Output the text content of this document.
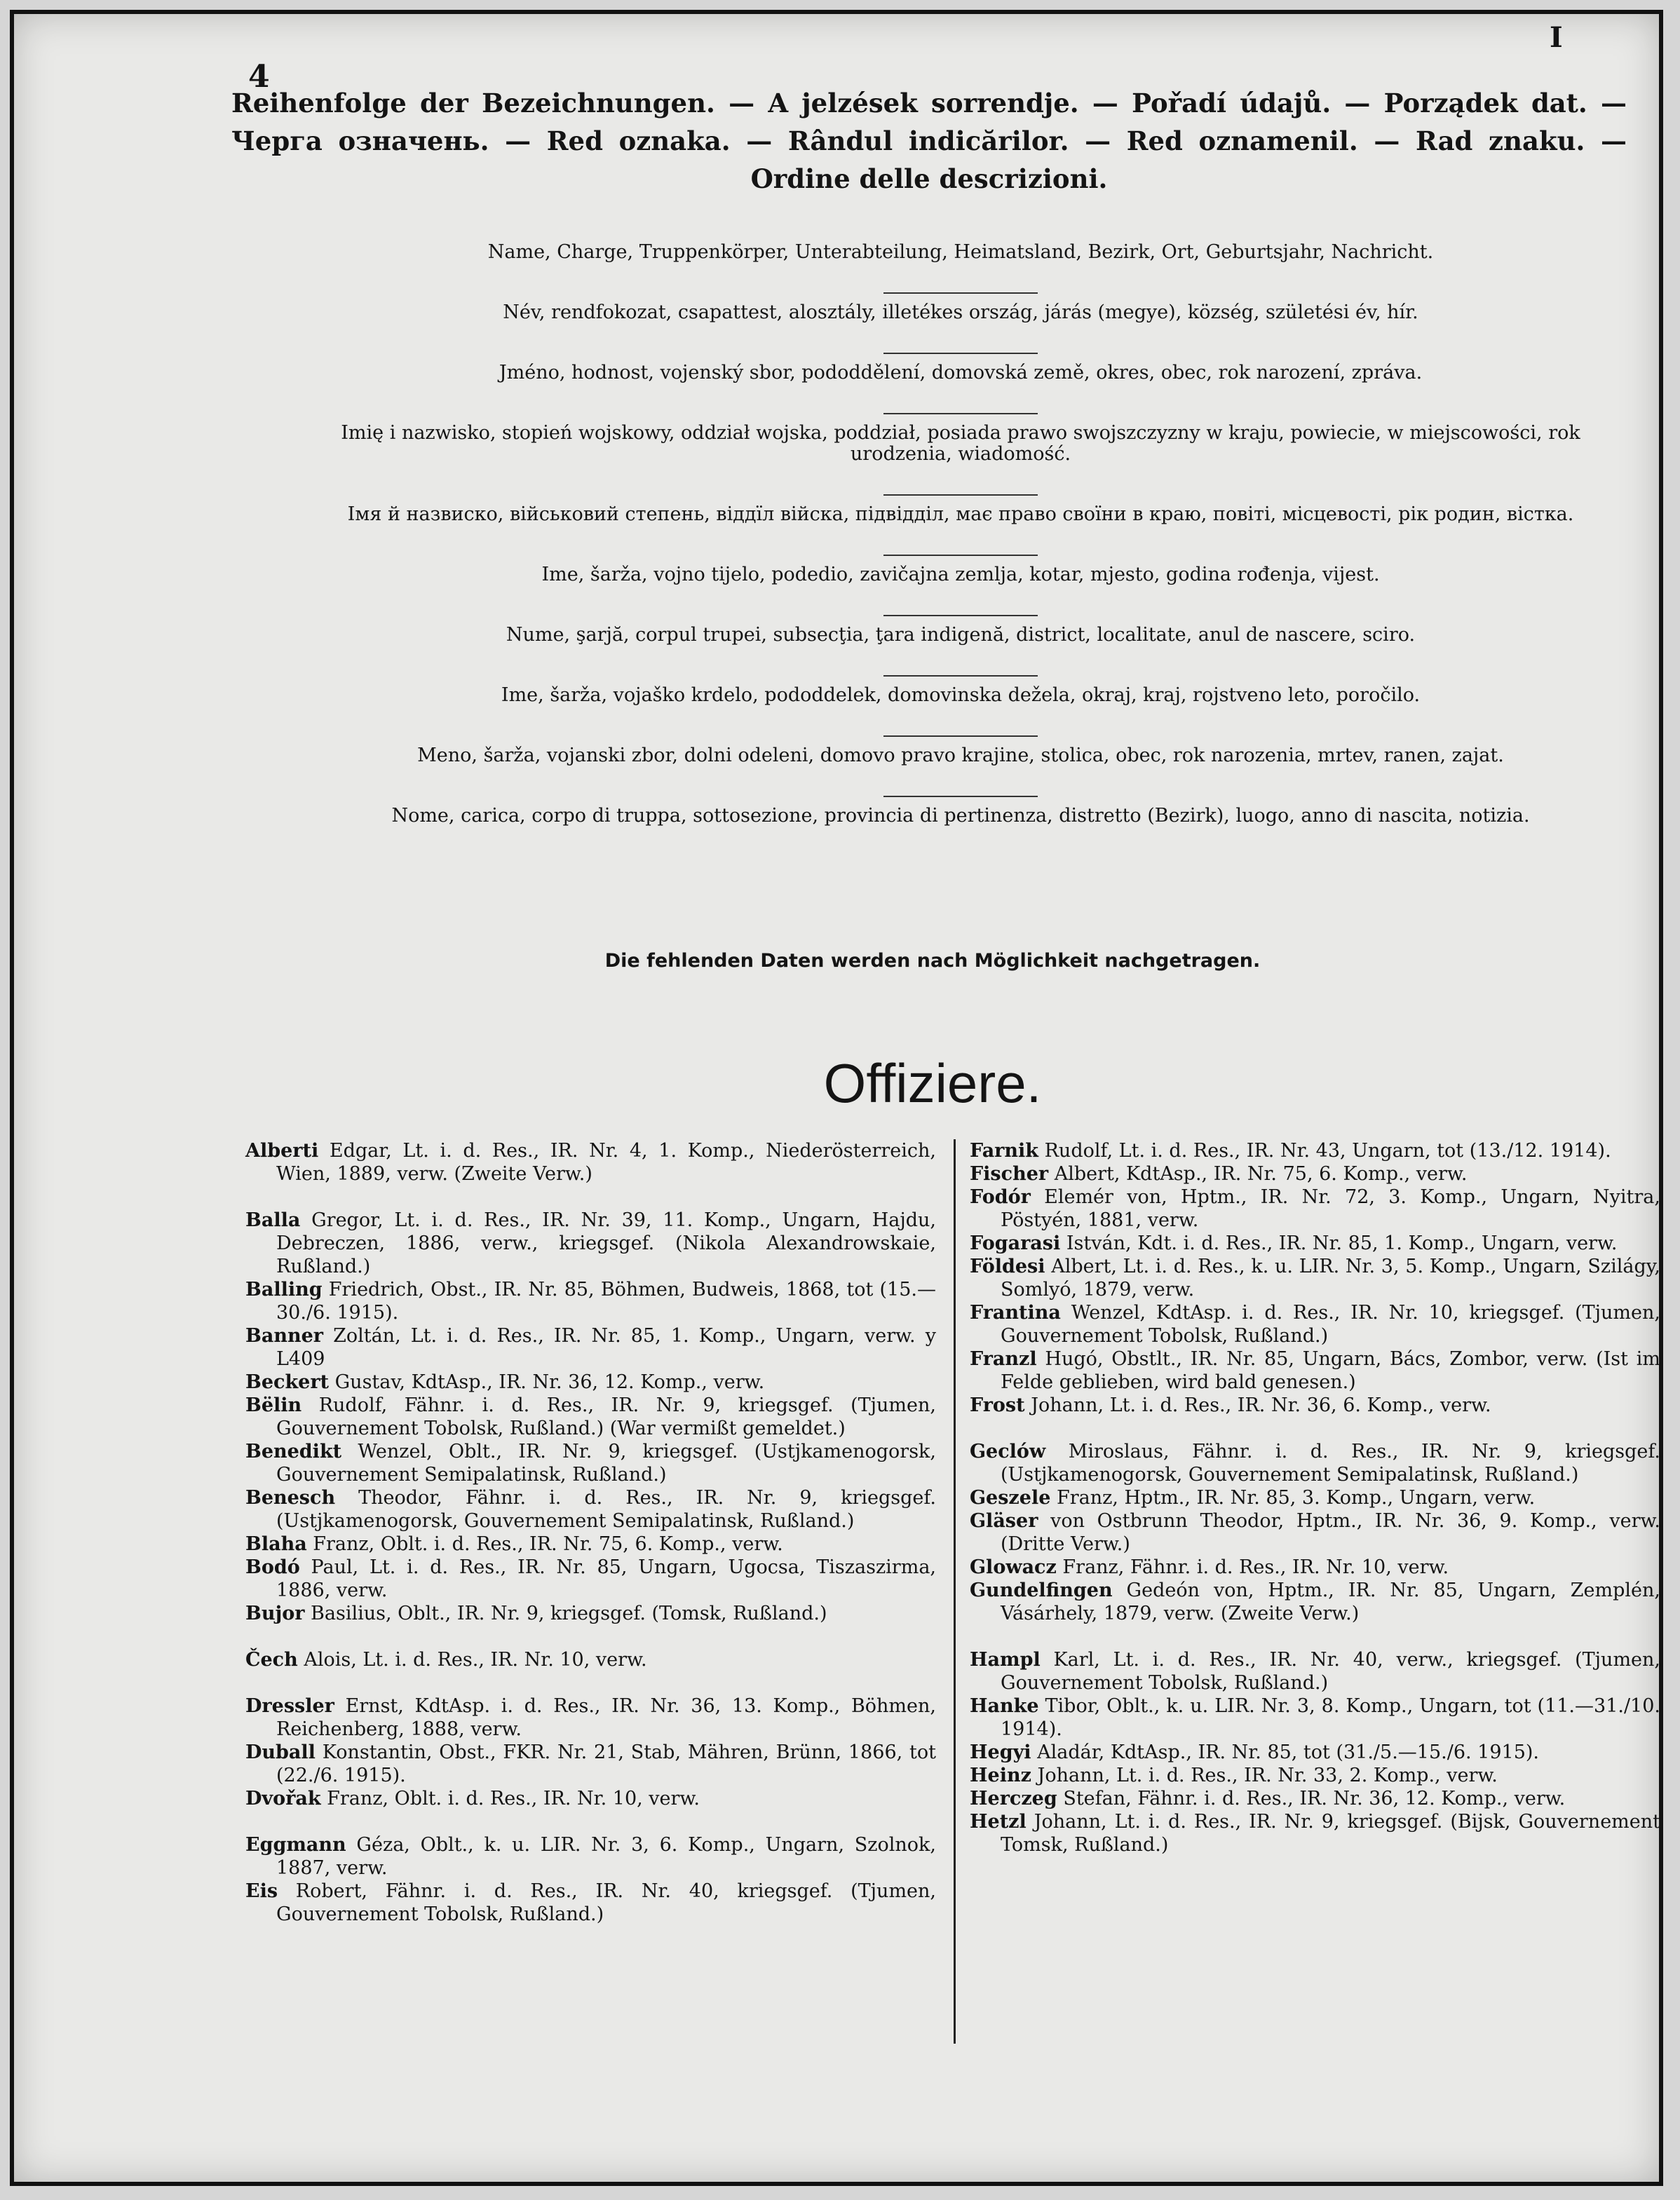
4
I
Reihenfolge der Bezeichnungen. — A jelzések sorrendje. — Pořadí údajů. — Porządek dat. —
Черга означень. — Red oznaka. — Rândul indicărilor. — Red oznamenil. — Rad znaku. —
Ordine delle descrizioni.
Name, Charge, Truppenkörper, Unterabteilung, Heimatsland, Bezirk, Ort, Geburtsjahr, Nachricht.
Név, rendfokozat, csapattest, alosztály, illetékes ország, járás (megye), község, születési év, hír.
Jméno, hodnost, vojenský sbor, pododdělení, domovská země, okres, obec, rok narození, zpráva.
Imię i nazwisko, stopień wojskowy, oddział wojska, poddział, posiada prawo swojszczyzny w kraju, powiecie, w miejscowości, rok urodzenia, wiadomość.
Імя й назвиско, військовий степень, віддїл війска, підвідділ, має право своїни в краю, повіті, місцевості, рік родин, вістка.
Ime, šarža, vojno tijelo, podedio, zavičajna zemlja, kotar, mjesto, godina rođenja, vijest.
Nume, şarjă, corpul trupei, subsecţia, ţara indigenă, district, localitate, anul de nascere, sciro.
Ime, šarža, vojaško krdelo, pododdelek, domovinska dežela, okraj, kraj, rojstveno leto, poročilo.
Meno, šarža, vojanski zbor, dolni odeleni, domovo pravo krajine, stolica, obec, rok narozenia, mrtev, ranen, zajat.
Nome, carica, corpo di truppa, sottosezione, provincia di pertinenza, distretto (Bezirk), luogo, anno di nascita, notizia.
Die fehlenden Daten werden nach Möglichkeit nachgetragen.
Offiziere.

Alberti Edgar, Lt. i. d. Res., IR. Nr. 4, 1. Komp., Niederösterreich, Wien, 1889, verw. (Zweite Verw.)

Balla Gregor, Lt. i. d. Res., IR. Nr. 39, 11. Komp., Ungarn, Hajdu, Debreczen, 1886, verw., kriegsgef. (Nikola Alexandrowskaie, Rußland.)

Balling Friedrich, Obst., IR. Nr. 85, Böhmen, Budweis, 1868, tot (15.—30./6. 1915).

Banner Zoltán, Lt. i. d. Res., IR. Nr. 85, 1. Komp., Ungarn, verw. y L409

Beckert Gustav, KdtAsp., IR. Nr. 36, 12. Komp., verw.

Bëlin Rudolf, Fähnr. i. d. Res., IR. Nr. 9, kriegsgef. (Tjumen, Gouvernement Tobolsk, Rußland.) (War vermißt gemeldet.)

Benedikt Wenzel, Oblt., IR. Nr. 9, kriegsgef. (Ustjkamenogorsk, Gouvernement Semipalatinsk, Rußland.)

Benesch Theodor, Fähnr. i. d. Res., IR. Nr. 9, kriegsgef. (Ustjkamenogorsk, Gouvernement Semipalatinsk, Rußland.)

Blaha Franz, Oblt. i. d. Res., IR. Nr. 75, 6. Komp., verw.

Bodó Paul, Lt. i. d. Res., IR. Nr. 85, Ungarn, Ugocsa, Tiszaszirma, 1886, verw.

Bujor Basilius, Oblt., IR. Nr. 9, kriegsgef. (Tomsk, Rußland.)

Čech Alois, Lt. i. d. Res., IR. Nr. 10, verw.

Dressler Ernst, KdtAsp. i. d. Res., IR. Nr. 36, 13. Komp., Böhmen, Reichenberg, 1888, verw.

Duball Konstantin, Obst., FKR. Nr. 21, Stab, Mähren, Brünn, 1866, tot (22./6. 1915).

Dvořak Franz, Oblt. i. d. Res., IR. Nr. 10, verw.

Eggmann Géza, Oblt., k. u. LIR. Nr. 3, 6. Komp., Ungarn, Szolnok, 1887, verw.

Eis Robert, Fähnr. i. d. Res., IR. Nr. 40, kriegsgef. (Tjumen, Gouvernement Tobolsk, Rußland.)

Farnik Rudolf, Lt. i. d. Res., IR. Nr. 43, Ungarn, tot (13./12. 1914).

Fischer Albert, KdtAsp., IR. Nr. 75, 6. Komp., verw.

Fodór Elemér von, Hptm., IR. Nr. 72, 3. Komp., Ungarn, Nyitra, Pöstyén, 1881, verw.

Fogarasi István, Kdt. i. d. Res., IR. Nr. 85, 1. Komp., Ungarn, verw.

Földesi Albert, Lt. i. d. Res., k. u. LIR. Nr. 3, 5. Komp., Ungarn, Szilágy, Somlyó, 1879, verw.

Frantina Wenzel, KdtAsp. i. d. Res., IR. Nr. 10, kriegsgef. (Tjumen, Gouvernement Tobolsk, Rußland.)

Franzl Hugó, Obstlt., IR. Nr. 85, Ungarn, Bács, Zombor, verw. (Ist im Felde geblieben, wird bald genesen.)

Frost Johann, Lt. i. d. Res., IR. Nr. 36, 6. Komp., verw.

Geclów Miroslaus, Fähnr. i. d. Res., IR. Nr. 9, kriegsgef. (Ustjkamenogorsk, Gouvernement Semipalatinsk, Rußland.)

Geszele Franz, Hptm., IR. Nr. 85, 3. Komp., Ungarn, verw.

Gläser von Ostbrunn Theodor, Hptm., IR. Nr. 36, 9. Komp., verw. (Dritte Verw.)

Glowacz Franz, Fähnr. i. d. Res., IR. Nr. 10, verw.

Gundelfingen Gedeón von, Hptm., IR. Nr. 85, Ungarn, Zemplén, Vásárhely, 1879, verw. (Zweite Verw.)

Hampl Karl, Lt. i. d. Res., IR. Nr. 40, verw., kriegsgef. (Tjumen, Gouvernement Tobolsk, Rußland.)

Hanke Tibor, Oblt., k. u. LIR. Nr. 3, 8. Komp., Ungarn, tot (11.—31./10. 1914).

Hegyi Aladár, KdtAsp., IR. Nr. 85, tot (31./5.—15./6. 1915).

Heinz Johann, Lt. i. d. Res., IR. Nr. 33, 2. Komp., verw.

Herczeg Stefan, Fähnr. i. d. Res., IR. Nr. 36, 12. Komp., verw.

Hetzl Johann, Lt. i. d. Res., IR. Nr. 9, kriegsgef. (Bijsk, Gouvernement Tomsk, Rußland.)
